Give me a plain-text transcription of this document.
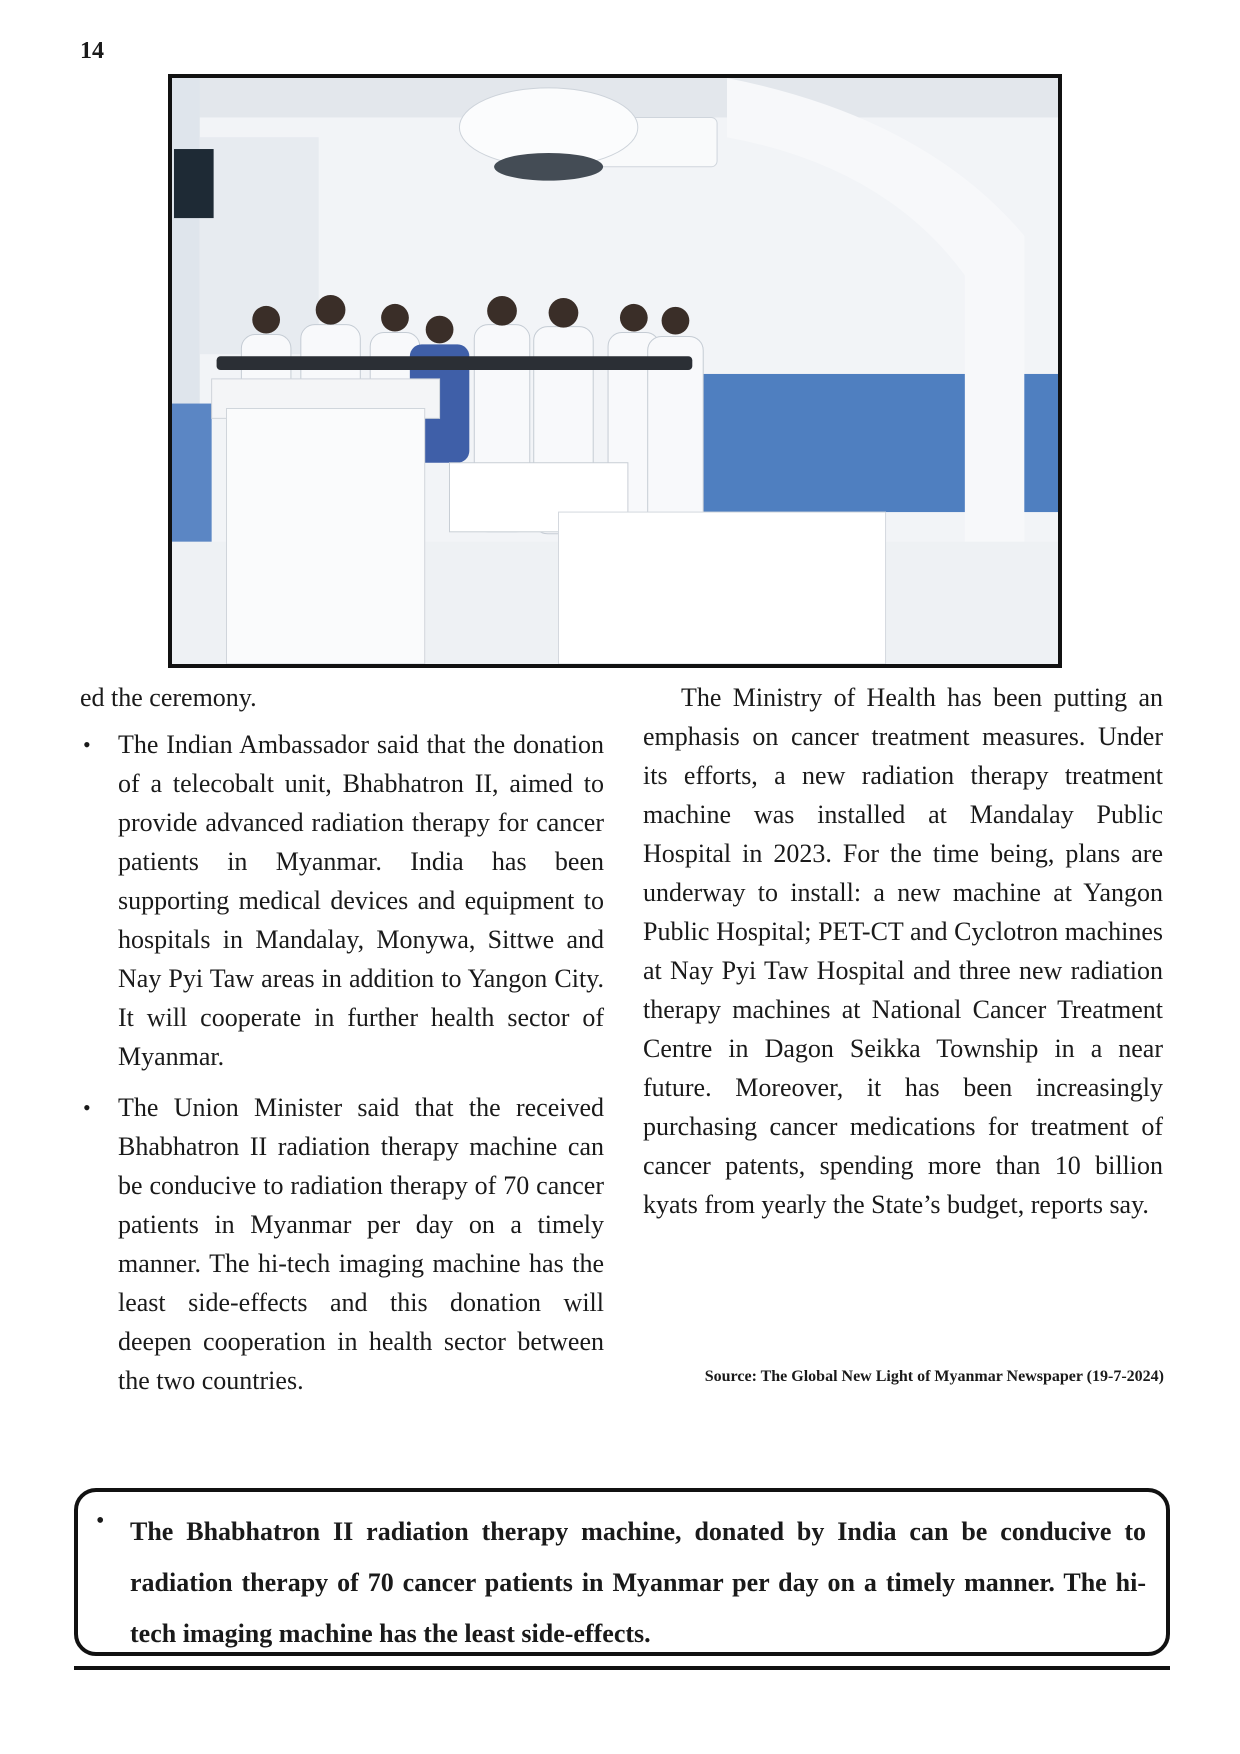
14

ed the ceremony.

• The Indian Ambassador said that the donation of a telecobalt unit, Bhabhatron II, aimed to provide advanced radiation therapy for cancer patients in Myanmar. India has been supporting medical devices and equipment to hospitals in Mandalay, Monywa, Sittwe and Nay Pyi Taw areas in addition to Yangon City. It will cooperate in further health sector of Myanmar.
• The Union Minister said that the received Bhabhatron II radiation therapy machine can be conducive to radiation therapy of 70 cancer patients in Myanmar per day on a timely manner. The hi-tech imaging machine has the least side-effects and this donation will deepen cooperation in health sector between the two countries.

The Ministry of Health has been putting an emphasis on cancer treatment measures. Under its efforts, a new radiation therapy treatment machine was installed at Mandalay Public Hospital in 2023. For the time being, plans are underway to install: a new machine at Yangon Public Hospital; PET-CT and Cyclotron machines at Nay Pyi Taw Hospital and three new radiation therapy machines at National Cancer Treatment Centre in Dagon Seikka Township in a near future. Moreover, it has been increasingly purchasing cancer medications for treatment of cancer patents, spending more than 10 billion kyats from yearly the State’s budget, reports say.

Source: The Global New Light of Myanmar Newspaper (19-7-2024)
• The Bhabhatron II radiation therapy machine, donated by India can be conducive to radiation therapy of 70 cancer patients in Myanmar per day on a timely manner. The hi-tech imaging machine has the least side-effects.
